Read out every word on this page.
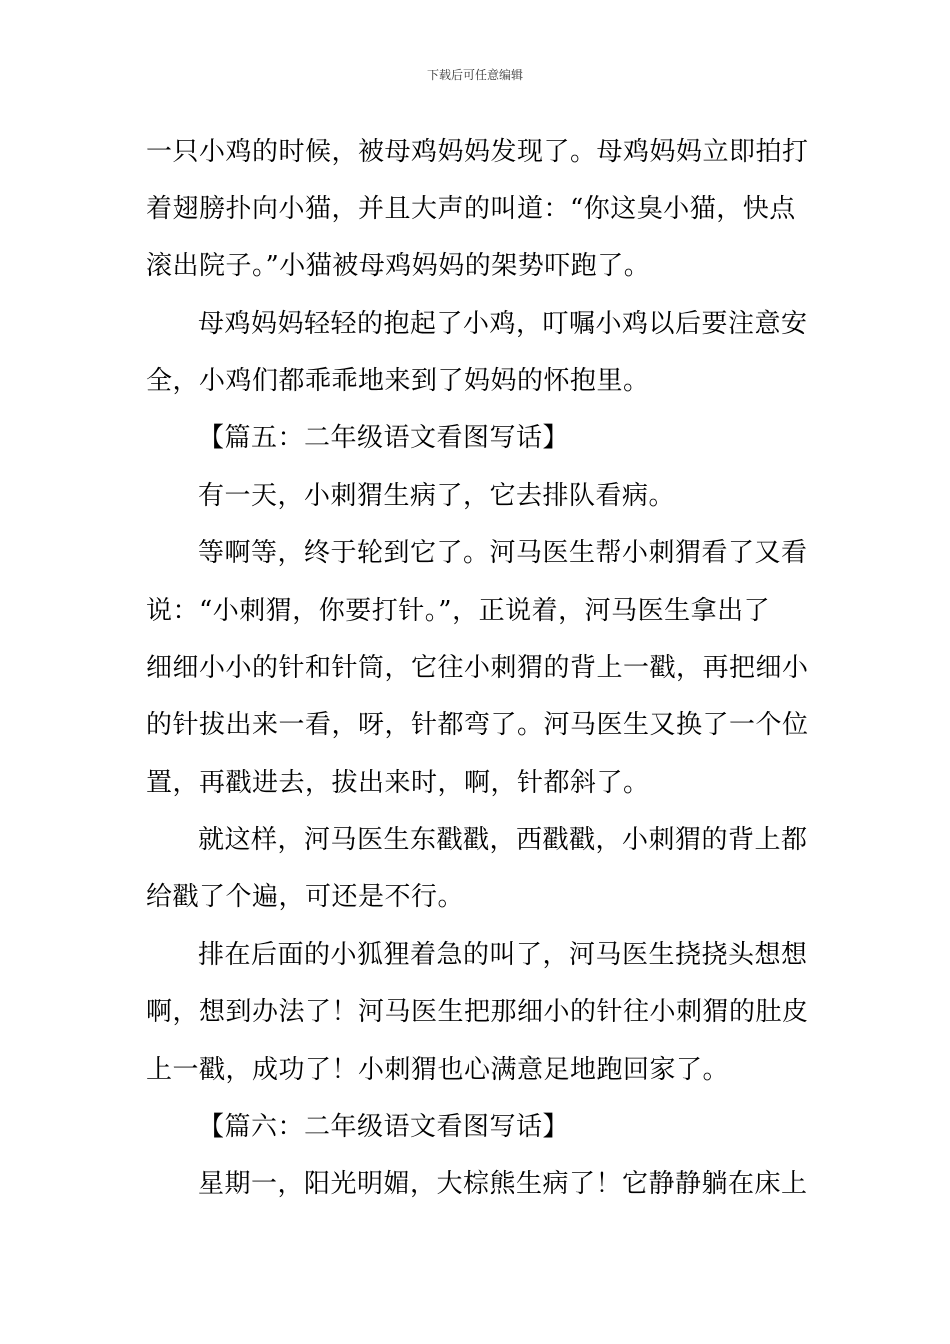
下载后可任意编辑
一只小鸡的时候，被母鸡妈妈发现了。母鸡妈妈立即拍打
着翅膀扑向小猫，并且大声的叫道：“你这臭小猫，快点
滚出院子。”小猫被母鸡妈妈的架势吓跑了。
母鸡妈妈轻轻的抱起了小鸡，叮嘱小鸡以后要注意安
全，小鸡们都乖乖地来到了妈妈的怀抱里。
【篇五：二年级语文看图写话】
有一天，小刺猬生病了，它去排队看病。
等啊等，终于轮到它了。河马医生帮小刺猬看了又看
说：“小刺猬，你要打针。”，正说着，河马医生拿出了
细细小小的针和针筒，它往小刺猬的背上一戳，再把细小
的针拔出来一看，呀，针都弯了。河马医生又换了一个位
置，再戳进去，拔出来时，啊，针都斜了。
就这样，河马医生东戳戳，西戳戳，小刺猬的背上都
给戳了个遍，可还是不行。
排在后面的小狐狸着急的叫了，河马医生挠挠头想想
啊，想到办法了！河马医生把那细小的针往小刺猬的肚皮
上一戳，成功了！小刺猬也心满意足地跑回家了。
【篇六：二年级语文看图写话】
星期一，阳光明媚，大棕熊生病了！它静静躺在床上
